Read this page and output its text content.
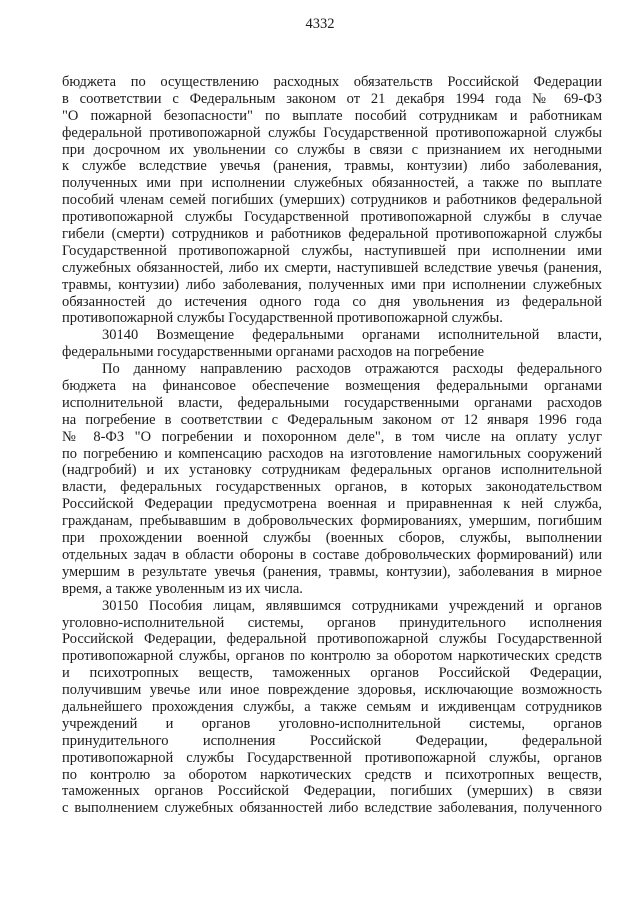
4332
бюджета по осуществлению расходных обязательств Российской Федерации
в соответствии с Федеральным законом от 21 декабря 1994 года № 69-ФЗ
"О пожарной безопасности" по выплате пособий сотрудникам и работникам
федеральной противопожарной службы Государственной противопожарной службы
при досрочном их увольнении со службы в связи с признанием их негодными
к службе вследствие увечья (ранения, травмы, контузии) либо заболевания,
полученных ими при исполнении служебных обязанностей, а также по выплате
пособий членам семей погибших (умерших) сотрудников и работников федеральной
противопожарной службы Государственной противопожарной службы в случае
гибели (смерти) сотрудников и работников федеральной противопожарной службы
Государственной противопожарной службы, наступившей при исполнении ими
служебных обязанностей, либо их смерти, наступившей вследствие увечья (ранения,
травмы, контузии) либо заболевания, полученных ими при исполнении служебных
обязанностей до истечения одного года со дня увольнения из федеральной
противопожарной службы Государственной противопожарной службы.
30140 Возмещение федеральными органами исполнительной власти,
федеральными государственными органами расходов на погребение
По данному направлению расходов отражаются расходы федерального
бюджета на финансовое обеспечение возмещения федеральными органами
исполнительной власти, федеральными государственными органами расходов
на погребение в соответствии с Федеральным законом от 12 января 1996 года
№ 8-ФЗ "О погребении и похоронном деле", в том числе на оплату услуг
по погребению и компенсацию расходов на изготовление намогильных сооружений
(надгробий) и их установку сотрудникам федеральных органов исполнительной
власти, федеральных государственных органов, в которых законодательством
Российской Федерации предусмотрена военная и приравненная к ней служба,
гражданам, пребывавшим в добровольческих формированиях, умершим, погибшим
при прохождении военной службы (военных сборов, службы, выполнении
отдельных задач в области обороны в составе добровольческих формирований) или
умершим в результате увечья (ранения, травмы, контузии), заболевания в мирное
время, а также уволенным из их числа.
30150 Пособия лицам, являвшимся сотрудниками учреждений и органов
уголовно-исполнительной системы, органов принудительного исполнения
Российской Федерации, федеральной противопожарной службы Государственной
противопожарной службы, органов по контролю за оборотом наркотических средств
и психотропных веществ, таможенных органов Российской Федерации,
получившим увечье или иное повреждение здоровья, исключающие возможность
дальнейшего прохождения службы, а также семьям и иждивенцам сотрудников
учреждений и органов уголовно-исполнительной системы, органов
принудительного исполнения Российской Федерации, федеральной
противопожарной службы Государственной противопожарной службы, органов
по контролю за оборотом наркотических средств и психотропных веществ,
таможенных органов Российской Федерации, погибших (умерших) в связи
с выполнением служебных обязанностей либо вследствие заболевания, полученного
